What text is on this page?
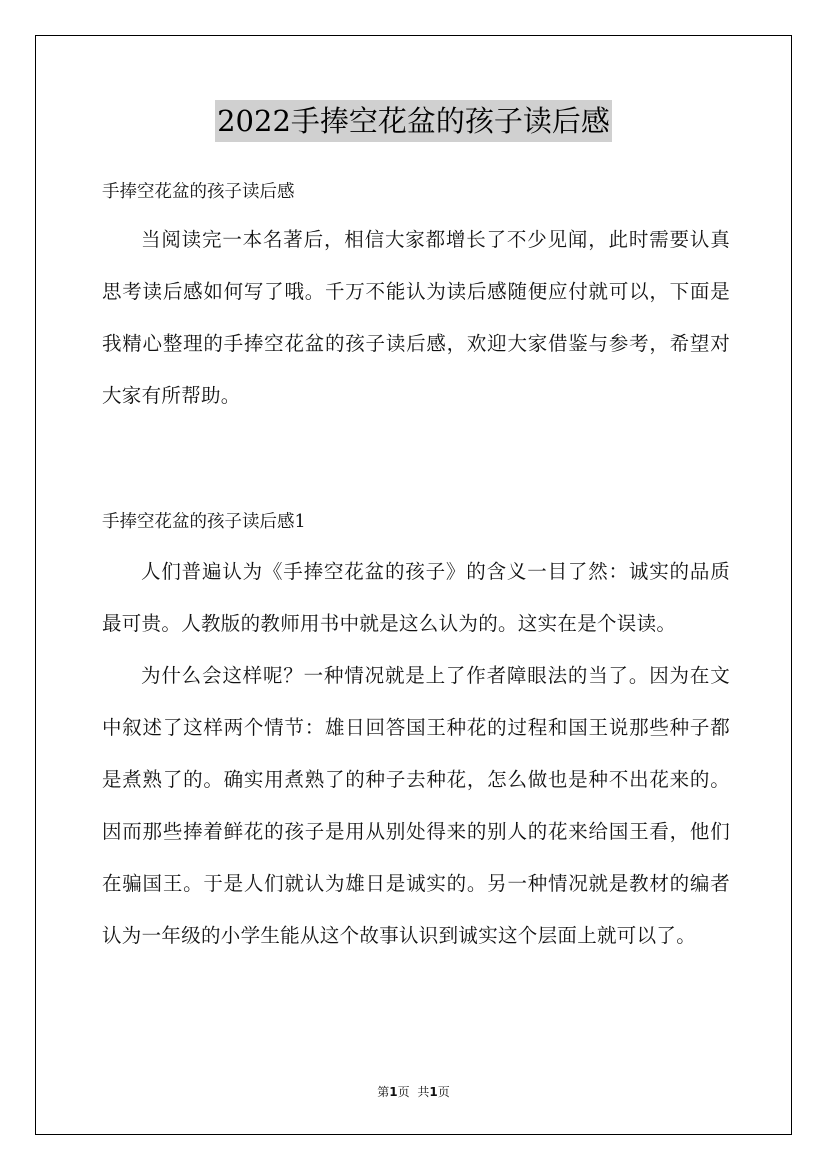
2022手捧空花盆的孩子读后感

手捧空花盆的孩子读后感

当阅读完一本名著后，相信大家都增长了不少见闻，此时需要认真思考读后感如何写了哦。千万不能认为读后感随便应付就可以，下面是我精心整理的手捧空花盆的孩子读后感，欢迎大家借鉴与参考，希望对大家有所帮助。

手捧空花盆的孩子读后感1

人们普遍认为《手捧空花盆的孩子》的含义一目了然：诚实的品质最可贵。人教版的教师用书中就是这么认为的。这实在是个误读。

为什么会这样呢？一种情况就是上了作者障眼法的当了。因为在文中叙述了这样两个情节：雄日回答国王种花的过程和国王说那些种子都是煮熟了的。确实用煮熟了的种子去种花，怎么做也是种不出花来的。因而那些捧着鲜花的孩子是用从别处得来的别人的花来给国王看，他们在骗国王。于是人们就认为雄日是诚实的。另一种情况就是教材的编者认为一年级的小学生能从这个故事认识到诚实这个层面上就可以了。

第1页 共1页
